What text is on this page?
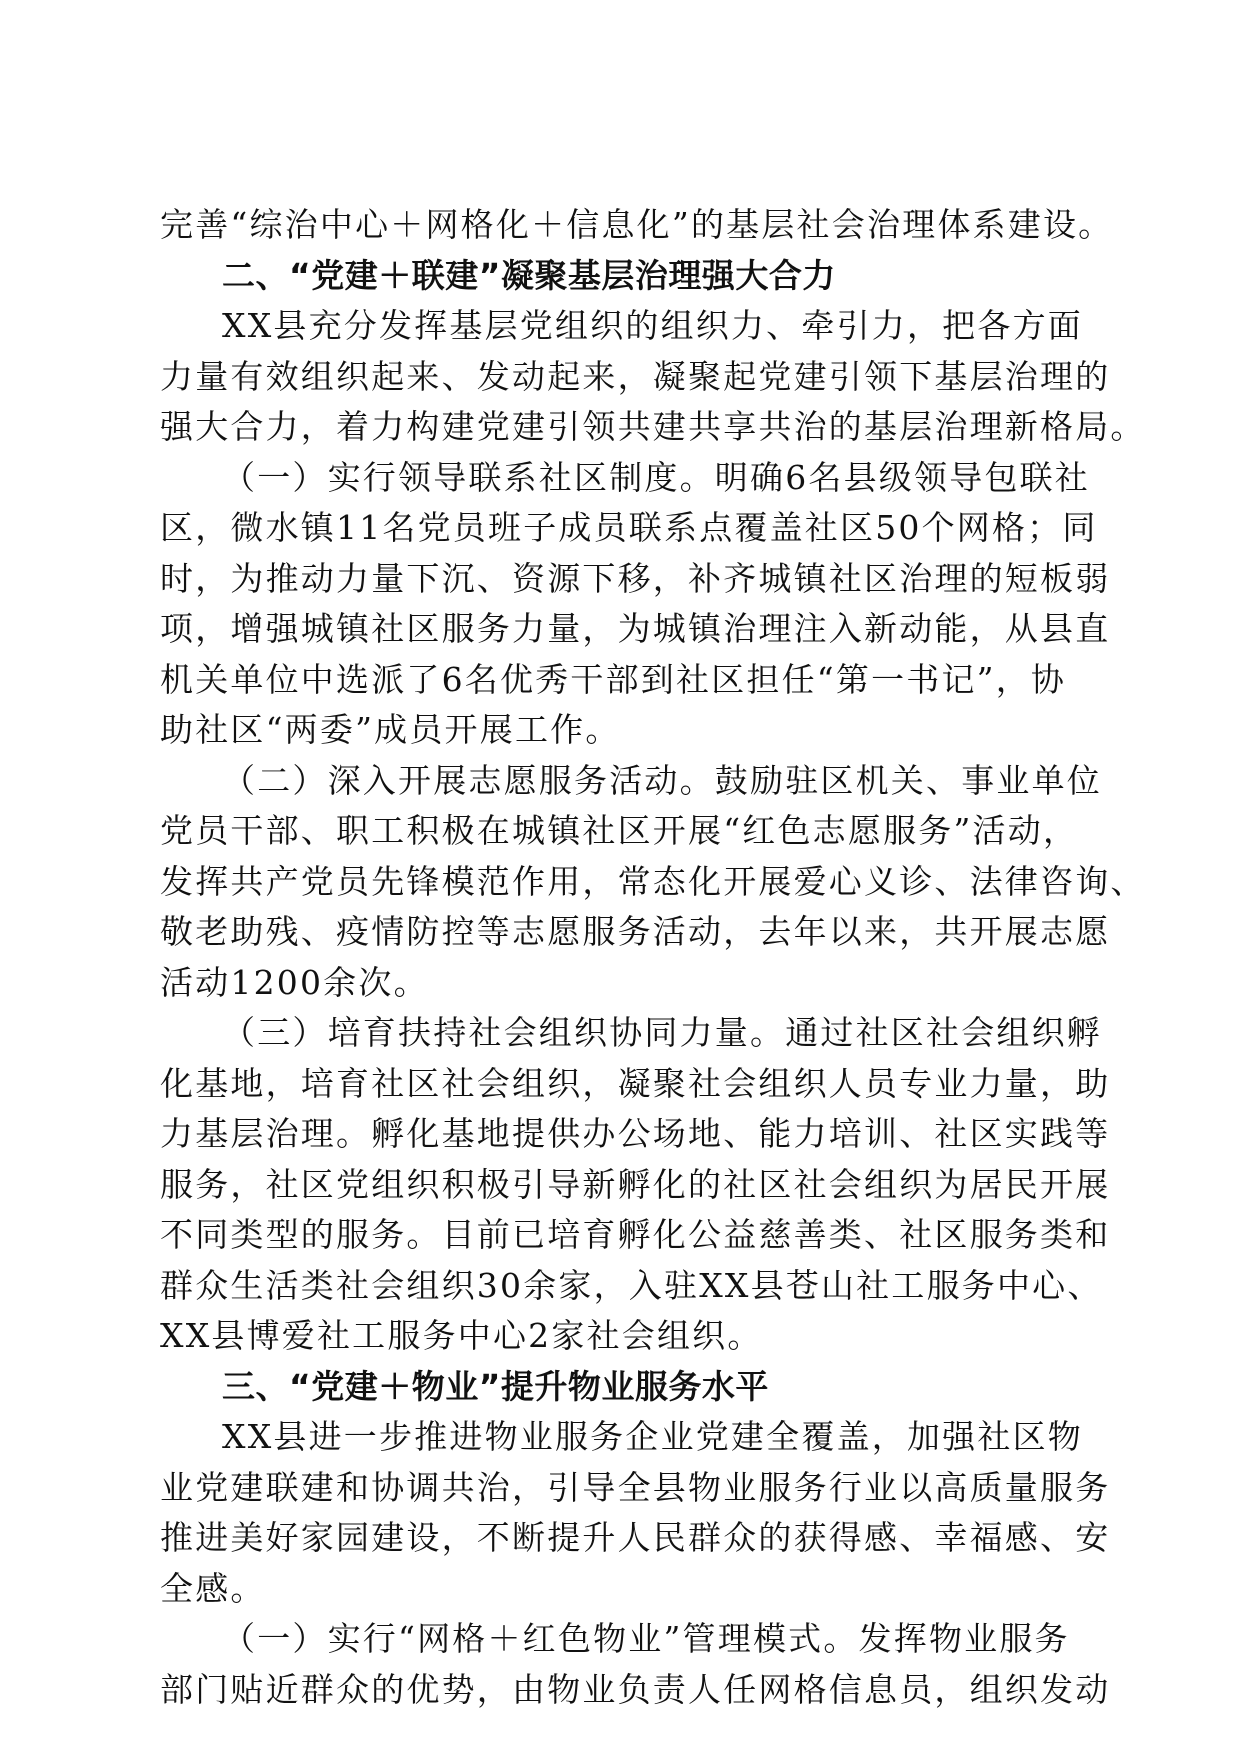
完善“综治中心＋网格化＋信息化”的基层社会治理体系建设。
二、“党建＋联建”凝聚基层治理强大合力
XX县充分发挥基层党组织的组织力、牵引力，把各方面
力量有效组织起来、发动起来，凝聚起党建引领下基层治理的
强大合力，着力构建党建引领共建共享共治的基层治理新格局。
（一）实行领导联系社区制度。明确6名县级领导包联社
区，微水镇11名党员班子成员联系点覆盖社区50个网格；同
时，为推动力量下沉、资源下移，补齐城镇社区治理的短板弱
项，增强城镇社区服务力量，为城镇治理注入新动能，从县直
机关单位中选派了6名优秀干部到社区担任“第一书记”，协
助社区“两委”成员开展工作。
（二）深入开展志愿服务活动。鼓励驻区机关、事业单位
党员干部、职工积极在城镇社区开展“红色志愿服务”活动，
发挥共产党员先锋模范作用，常态化开展爱心义诊、法律咨询、
敬老助残、疫情防控等志愿服务活动，去年以来，共开展志愿
活动1200余次。
（三）培育扶持社会组织协同力量。通过社区社会组织孵
化基地，培育社区社会组织，凝聚社会组织人员专业力量，助
力基层治理。孵化基地提供办公场地、能力培训、社区实践等
服务，社区党组织积极引导新孵化的社区社会组织为居民开展
不同类型的服务。目前已培育孵化公益慈善类、社区服务类和
群众生活类社会组织30余家，入驻XX县苍山社工服务中心、
XX县博爱社工服务中心2家社会组织。
三、“党建＋物业”提升物业服务水平
XX县进一步推进物业服务企业党建全覆盖，加强社区物
业党建联建和协调共治，引导全县物业服务行业以高质量服务
推进美好家园建设，不断提升人民群众的获得感、幸福感、安
全感。
（一）实行“网格＋红色物业”管理模式。发挥物业服务
部门贴近群众的优势，由物业负责人任网格信息员，组织发动
